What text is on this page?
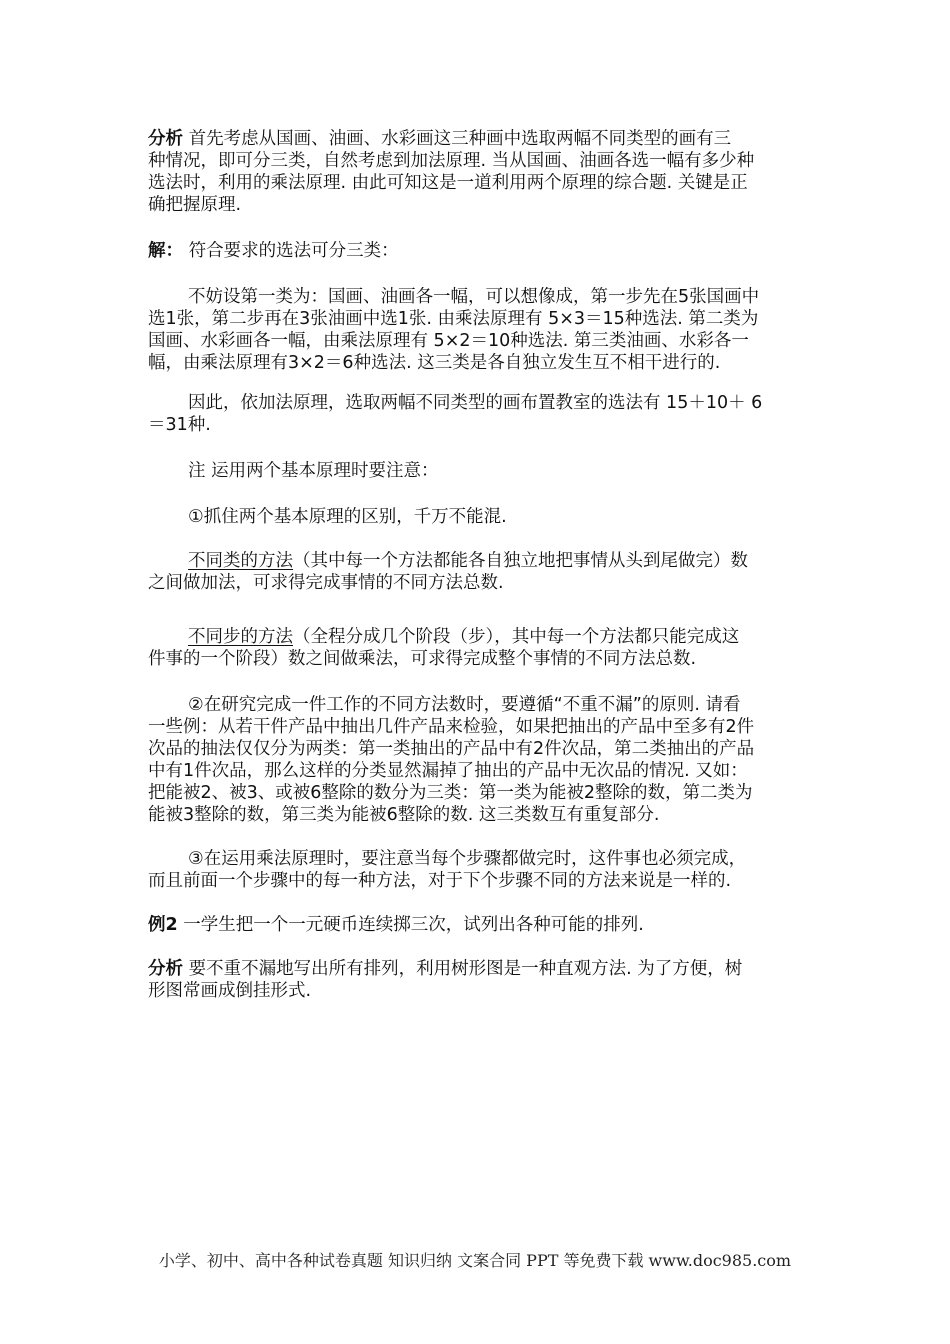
分析 首先考虑从国画、油画、水彩画这三种画中选取两幅不同类型的画有三
种情况，即可分三类，自然考虑到加法原理. 当从国画、油画各选一幅有多少种
选法时，利用的乘法原理. 由此可知这是一道利用两个原理的综合题. 关键是正
确把握原理.
解： 符合要求的选法可分三类：
不妨设第一类为：国画、油画各一幅，可以想像成，第一步先在5张国画中
选1张，第二步再在3张油画中选1张. 由乘法原理有 5×3＝15种选法. 第二类为
国画、水彩画各一幅，由乘法原理有 5×2＝10种选法. 第三类油画、水彩各一
幅，由乘法原理有3×2＝6种选法. 这三类是各自独立发生互不相干进行的.
因此，依加法原理，选取两幅不同类型的画布置教室的选法有 15＋10＋ 6
＝31种.
注 运用两个基本原理时要注意：
①抓住两个基本原理的区别，千万不能混.
不同类的方法（其中每一个方法都能各自独立地把事情从头到尾做完）数
之间做加法，可求得完成事情的不同方法总数.
不同步的方法（全程分成几个阶段（步），其中每一个方法都只能完成这
件事的一个阶段）数之间做乘法，可求得完成整个事情的不同方法总数.
②在研究完成一件工作的不同方法数时，要遵循“不重不漏”的原则. 请看
一些例：从若干件产品中抽出几件产品来检验，如果把抽出的产品中至多有2件
次品的抽法仅仅分为两类：第一类抽出的产品中有2件次品，第二类抽出的产品
中有1件次品，那么这样的分类显然漏掉了抽出的产品中无次品的情况. 又如：
把能被2、被3、或被6整除的数分为三类：第一类为能被2整除的数，第二类为
能被3整除的数，第三类为能被6整除的数. 这三类数互有重复部分.
③在运用乘法原理时，要注意当每个步骤都做完时，这件事也必须完成，
而且前面一个步骤中的每一种方法，对于下个步骤不同的方法来说是一样的.
例2 一学生把一个一元硬币连续掷三次，试列出各种可能的排列.
分析 要不重不漏地写出所有排列，利用树形图是一种直观方法. 为了方便，树
形图常画成倒挂形式.
小学、初中、高中各种试卷真题 知识归纳 文案合同 PPT 等免费下载 www.doc985.com
